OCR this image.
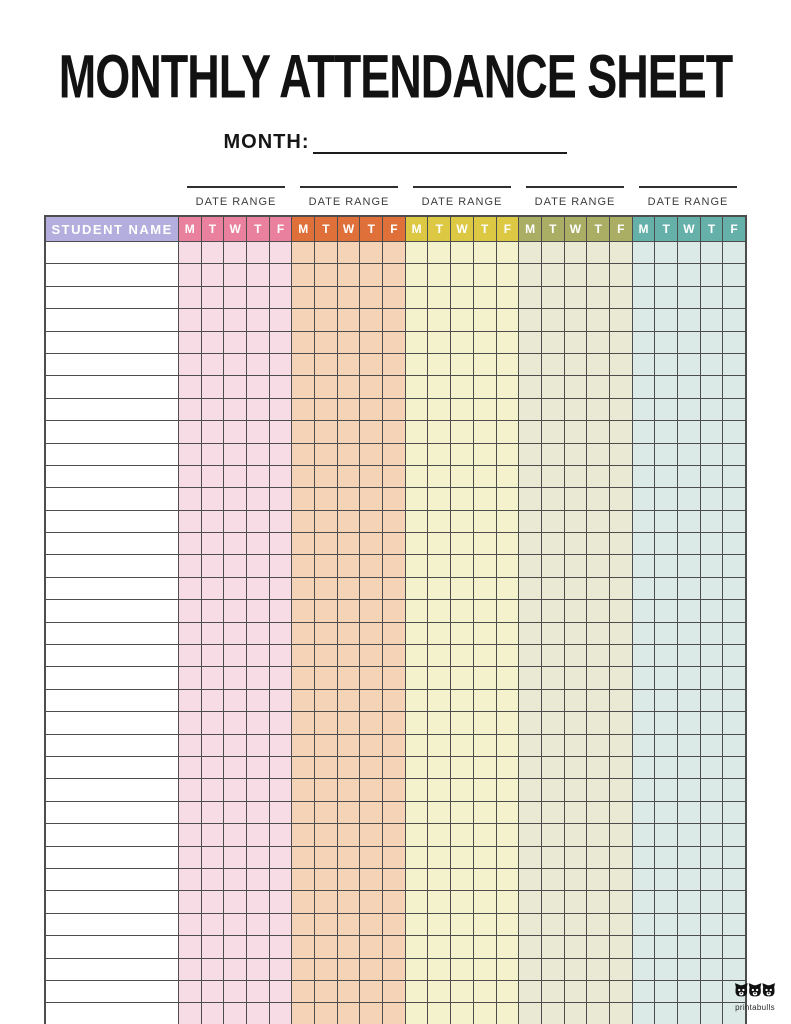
MONTHLY ATTENDANCE SHEET
MONTH:
DATE RANGE	DATE RANGE	DATE RANGE	DATE RANGE	DATE RANGE
STUDENT NAME	M	T	W	T	F	M	T	W	T	F	M	T	W	T	F	M	T	W	T	F	M	T	W	T	F

printabulls
